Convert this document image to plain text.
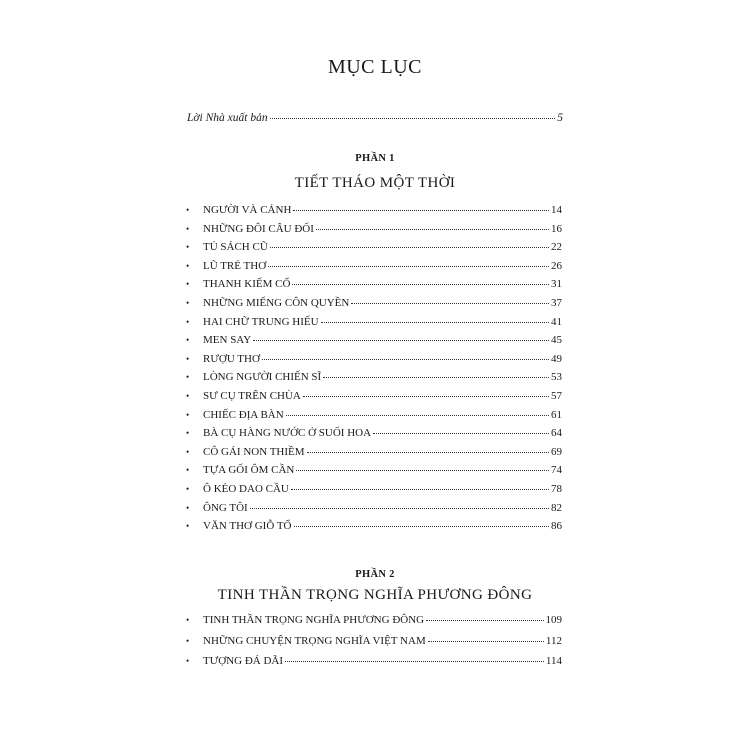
MỤC LỤC
Lời Nhà xuất bản	5
PHẦN 1
TIẾT THÁO MỘT THỜI
•	NGƯỜI VÀ CẢNH	14
•	NHỮNG ĐÔI CÂU ĐỐI	16
•	TỦ SÁCH CŨ	22
•	LŨ TRẺ THƠ	26
•	THANH KIẾM CỔ	31
•	NHỮNG MIẾNG CÔN QUYỀN	37
•	HAI CHỮ TRUNG HIẾU	41
•	MEN SAY	45
•	RƯỢU THƠ	49
•	LÒNG NGƯỜI CHIẾN SĨ	53
•	SƯ CỤ TRÊN CHÙA	57
•	CHIẾC ĐỊA BÀN	61
•	BÀ CỤ HÀNG NƯỚC Ở SUỐI HOA	64
•	CÔ GÁI NON THIỀM	69
•	TỰA GỐI ÔM CẦN	74
•	Ô KÉO DAO CẦU	78
•	ÔNG TÔI	82
•	VĂN THƠ GIỖ TỔ	86
PHẦN 2
TINH THẦN TRỌNG NGHĨA PHƯƠNG ĐÔNG
•	TINH THẦN TRỌNG NGHĨA PHƯƠNG ĐÔNG	109
•	NHỮNG CHUYỆN TRỌNG NGHĨA VIỆT NAM	112
•	TƯỢNG ĐÁ DÃI	114
